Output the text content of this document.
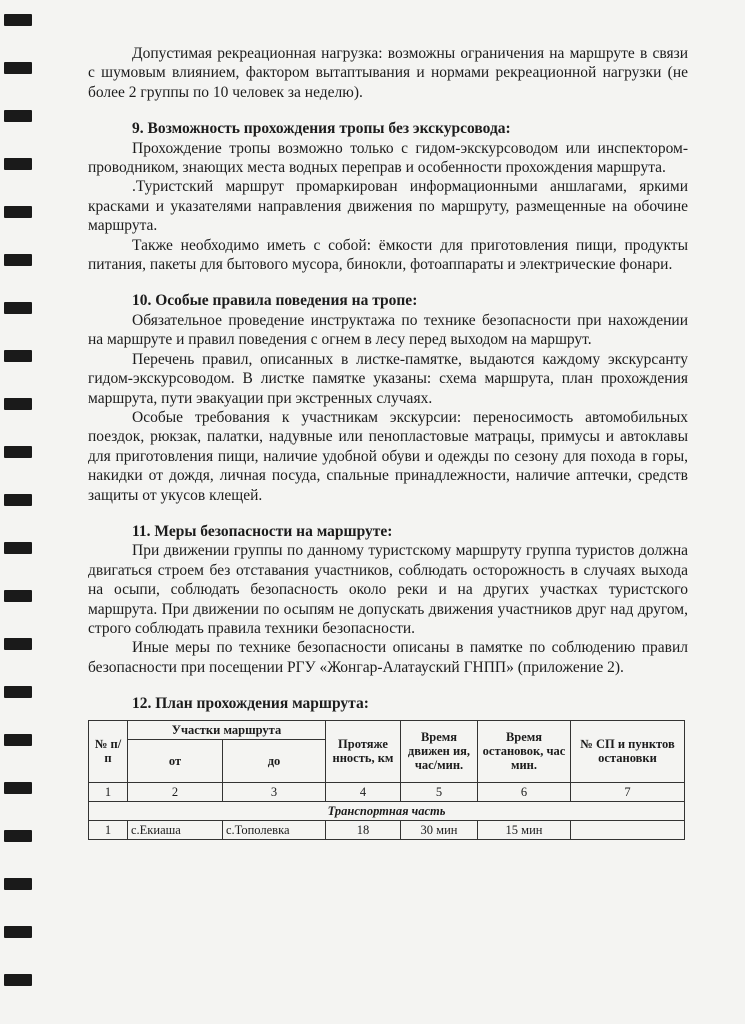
Допустимая рекреационная нагрузка: возможны ограничения на маршруте в связи с шумовым влиянием, фактором вытаптывания и нормами рекреационной нагрузки (не более 2 группы по 10 человек за неделю).

9. Возможность прохождения тропы без экскурсовода:

Прохождение тропы возможно только с гидом-экскурсоводом или инспектором-проводником, знающих места водных переправ и особенности прохождения маршрута.

.Туристский маршрут промаркирован информационными аншлагами, яркими красками и указателями направления движения по маршруту, размещенные на обочине маршрута.

Также необходимо иметь с собой: ёмкости для приготовления пищи, продукты питания, пакеты для бытового мусора, бинокли, фотоаппараты и электрические фонари.

10. Особые правила поведения на тропе:

Обязательное проведение инструктажа по технике безопасности при нахождении на маршруте и правил поведения с огнем в лесу перед выходом на маршрут.

Перечень правил, описанных в листке-памятке, выдаются каждому экскурсанту гидом-экскурсоводом. В листке памятке указаны: схема маршрута, план прохождения маршрута, пути эвакуации при экстренных случаях.

Особые требования к участникам экскурсии: переносимость автомобильных поездок, рюкзак, палатки, надувные или пенопластовые матрацы, примусы и автоклавы для приготовления пищи, наличие удобной обуви и одежды по сезону для похода в горы, накидки от дождя, личная посуда, спальные принадлежности, наличие аптечки, средств защиты от укусов клещей.

11. Меры безопасности на маршруте:

При движении группы по данному туристскому маршруту группа туристов должна двигаться строем без отставания участников, соблюдать осторожность в случаях выхода на осыпи, соблюдать безопасность около реки и на других участках туристского маршрута. При движении по осыпям не допускать движения участников друг над другом, строго соблюдать правила техники безопасности.

Иные меры по технике безопасности описаны в памятке по соблюдению правил безопасности при посещении РГУ «Жонгар-Алатауский ГНПП» (приложение 2).

12. План прохождения маршрута:
№ п/п	Участки маршрута		Протяже нность, км	Время движен ия, час/мин.	Время остановок, час мин.	№ СП и пунктов остановки
	от	до				
1	2	3	4	5	6	7
Транспортная часть						
1	с.Екиаша	с.Тополевка	18	30 мин	15 мин	
